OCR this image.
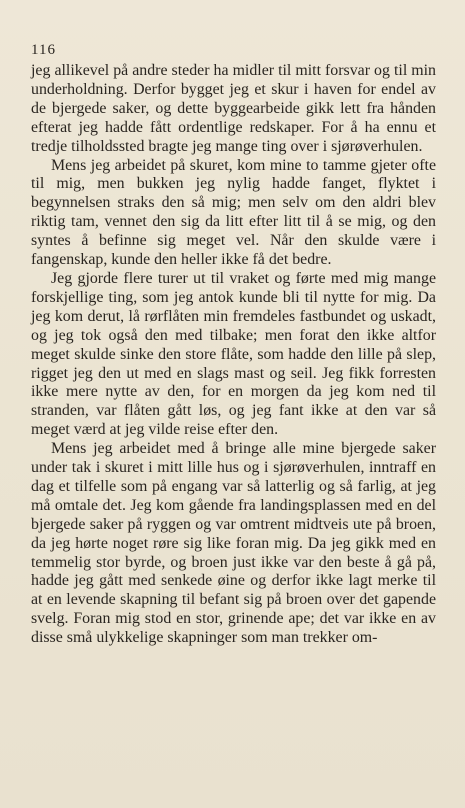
116

jeg allikevel på andre steder ha midler til mitt forsvar og til min underholdning. Derfor bygget jeg et skur i haven for endel av de bjergede saker, og dette byggearbeide gikk lett fra hånden efterat jeg hadde fått ordentlige redskaper. For å ha ennu et tredje tilholdssted bragte jeg mange ting over i sjørøverhulen.

Mens jeg arbeidet på skuret, kom mine to tamme gjeter ofte til mig, men bukken jeg nylig hadde fanget, flyktet i begynnelsen straks den så mig; men selv om den aldri blev riktig tam, vennet den sig da litt efter litt til å se mig, og den syntes å befinne sig meget vel. Når den skulde være i fangenskap, kunde den heller ikke få det bedre.

Jeg gjorde flere turer ut til vraket og førte med mig mange forskjellige ting, som jeg antok kunde bli til nytte for mig. Da jeg kom derut, lå rørflåten min fremdeles fastbundet og uskadt, og jeg tok også den med tilbake; men forat den ikke altfor meget skulde sinke den store flåte, som hadde den lille på slep, rigget jeg den ut med en slags mast og seil. Jeg fikk forresten ikke mere nytte av den, for en morgen da jeg kom ned til stranden, var flåten gått løs, og jeg fant ikke at den var så meget værd at jeg vilde reise efter den.

Mens jeg arbeidet med å bringe alle mine bjergede saker under tak i skuret i mitt lille hus og i sjørøverhulen, inntraff en dag et tilfelle som på engang var så latterlig og så farlig, at jeg må omtale det. Jeg kom gående fra landingsplassen med en del bjergede saker på ryggen og var omtrent midtveis ute på broen, da jeg hørte noget røre sig like foran mig. Da jeg gikk med en temmelig stor byrde, og broen just ikke var den beste å gå på, hadde jeg gått med senkede øine og derfor ikke lagt merke til at en levende skapning til befant sig på broen over det gapende svelg. Foran mig stod en stor, grinende ape; det var ikke en av disse små ulykkelige skapninger som man trekker om-
